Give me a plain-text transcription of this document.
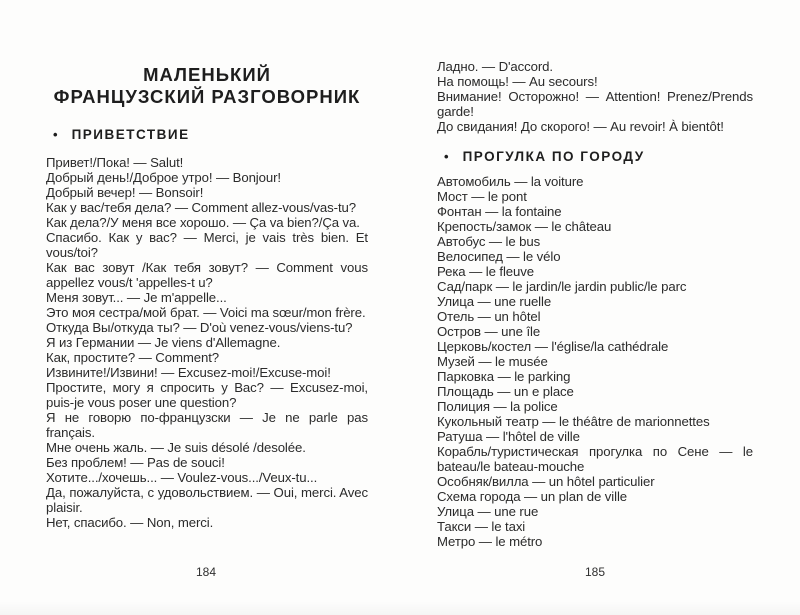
МАЛЕНЬКИЙ
ФРАНЦУЗСКИЙ РАЗГОВОРНИК
• ПРИВЕТСТВИЕ

Привет!/Пока! — Salut!

Добрый день!/Доброе утро! — Bonjour!

Добрый вечер! — Bonsoir!

Как у вас/тебя дела? — Comment allez-vous/vas-tu?

Как дела?/У меня все хорошо. — Ça va bien?/Ça va.

Спасибо. Как у вас? — Merci, je vais très bien. Et vous/toi?

Как вас зовут /Как тебя зовут? — Comment vous appellez vous/t 'appelles-t u?

Меня зовут... — Je m'appelle...

Это моя сестра/мой брат. — Voici ma sœur/mon frère.

Откуда Вы/откуда ты? — D'où venez-vous/viens-tu?

Я из Германии — Je viens d'Allemagne.

Как, простите? — Comment?

Извините!/Извини! — Excusez-moi!/Excuse-moi!

Простите, могу я спросить у Вас? — Excusez-moi, puis-je vous poser une question?

Я не говорю по-французски — Je ne parle pas français.

Мне очень жаль. — Je suis désolé /desolée.

Без проблем! — Pas de souci!

Хотите.../хочешь... — Voulez-vous.../Veux-tu...

Да, пожалуйста, с удовольствием. — Oui, merci. Avec plaisir.

Нет, спасибо. — Non, merci.

Ладно. — D'accord.

На помощь! — Au secours!

Внимание! Осторожно! — Attention! Prenez/Prends garde!

До свидания! До скорого! — Au revoir! À bientôt!

• ПРОГУЛКА ПО ГОРОДУ

Автомобиль — la voiture

Мост — le pont

Фонтан — la fontaine

Крепость/замок — le château

Автобус — le bus

Велосипед — le vélo

Река — le fleuve

Сад/парк — le jardin/le jardin public/le parc

Улица — une ruelle

Отель — un hôtel

Остров — une île

Церковь/костел — l'église/la cathédrale

Музей — le musée

Парковка — le parking

Площадь — un e place

Полиция — la police

Кукольный театр — le théâtre de marionnettes

Ратуша — l'hôtel de ville

Корабль/туристическая прогулка по Сене — le bateau/le bateau-mouche

Особняк/вилла — un hôtel particulier

Схема города — un plan de ville

Улица — une rue

Такси — le taxi

Метро — le métro

184	185
